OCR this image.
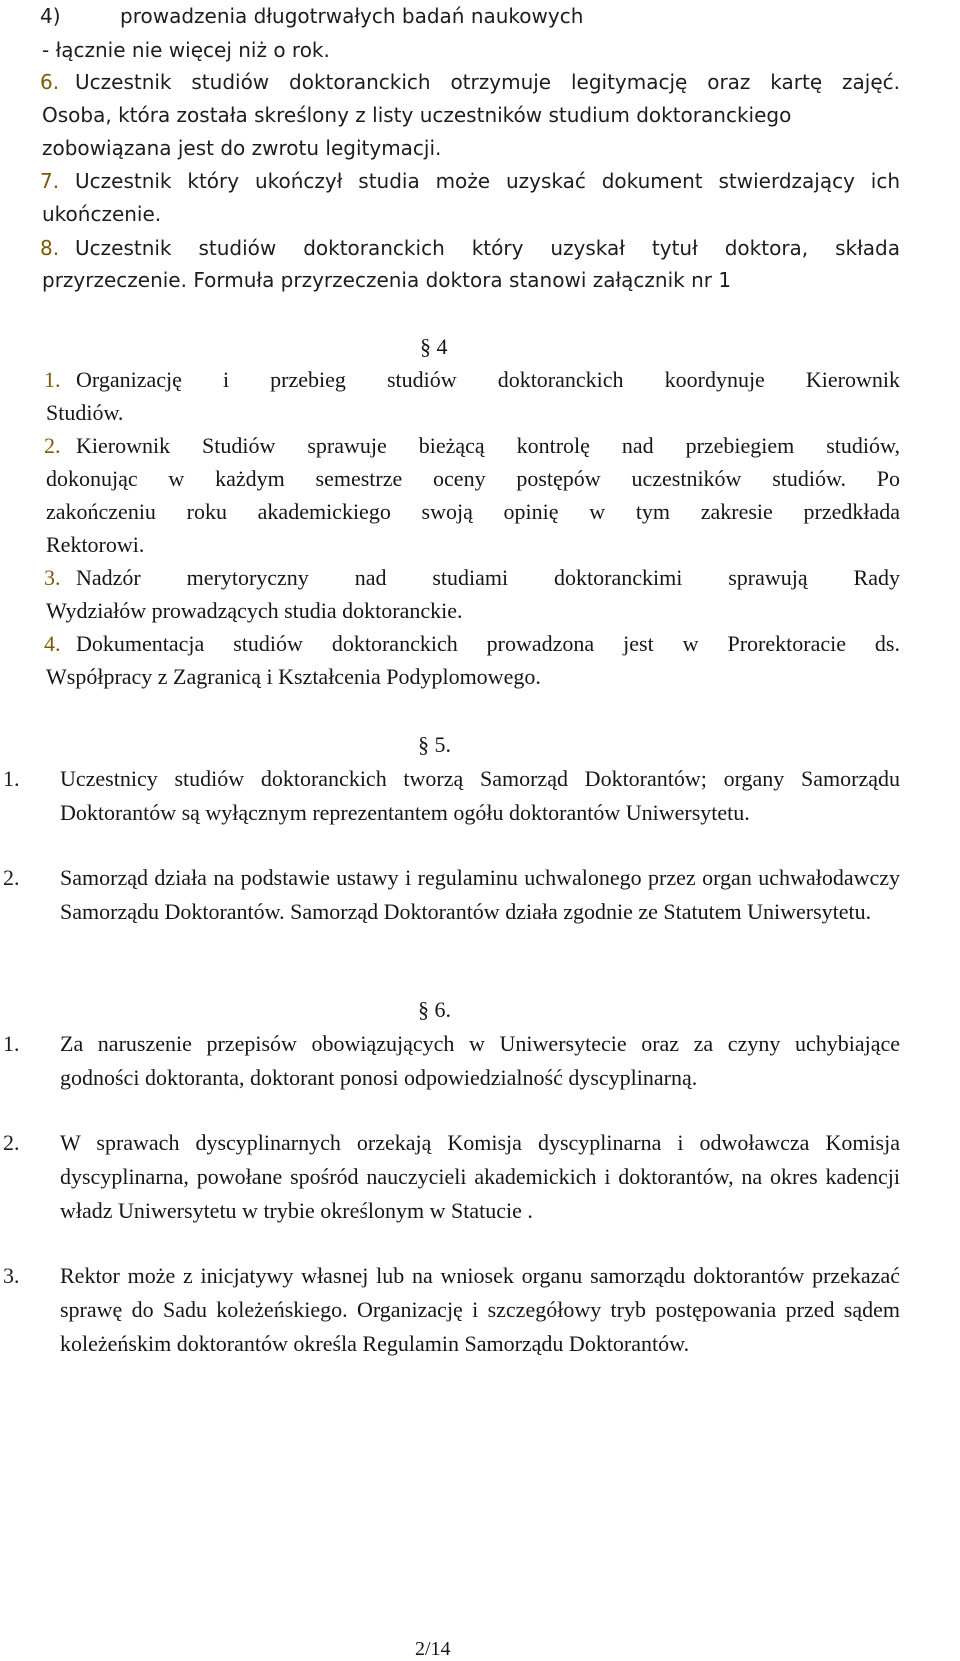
4)	prowadzenia długotrwałych badań naukowych
- łącznie nie więcej niż o rok.
6. Uczestnik studiów doktoranckich otrzymuje legitymację oraz kartę zajęć.
Osoba, która została skreślony z listy uczestników studium doktoranckiego
zobowiązana jest do zwrotu legitymacji.
7. Uczestnik który ukończył studia może uzyskać dokument stwierdzający ich
ukończenie.
8. Uczestnik studiów doktoranckich który uzyskał tytuł doktora, składa
przyrzeczenie. Formuła przyrzeczenia doktora stanowi załącznik nr 1
§ 4
1. Organizację i przebieg studiów doktoranckich koordynuje Kierownik
Studiów.
2. Kierownik Studiów sprawuje bieżącą kontrolę nad przebiegiem studiów,
dokonując w każdym semestrze oceny postępów uczestników studiów. Po
zakończeniu roku akademickiego swoją opinię w tym zakresie przedkłada
Rektorowi.
3. Nadzór merytoryczny nad studiami doktoranckimi sprawują Rady
Wydziałów prowadzących studia doktoranckie.
4. Dokumentacja studiów doktoranckich prowadzona jest w Prorektoracie ds.
Współpracy z Zagranicą i Kształcenia Podyplomowego.
§ 5.
1. Uczestnicy studiów doktoranckich tworzą Samorząd Doktorantów; organy Samorządu Doktorantów są wyłącznym reprezentantem ogółu doktorantów Uniwersytetu.
2. Samorząd działa na podstawie ustawy i regulaminu uchwalonego przez organ uchwałodawczy Samorządu Doktorantów. Samorząd Doktorantów działa zgodnie ze Statutem Uniwersytetu.
§ 6.
1. Za naruszenie przepisów obowiązujących w Uniwersytecie oraz za czyny uchybiające godności doktoranta, doktorant ponosi odpowiedzialność dyscyplinarną.
2. W sprawach dyscyplinarnych orzekają Komisja dyscyplinarna i odwoławcza Komisja dyscyplinarna, powołane spośród nauczycieli akademickich i doktorantów, na okres kadencji władz Uniwersytetu w trybie określonym w Statucie .
3. Rektor może z inicjatywy własnej lub na wniosek organu samorządu doktorantów przekazać sprawę do Sadu koleżeńskiego. Organizację i szczegółowy tryb postępowania przed sądem koleżeńskim doktorantów określa Regulamin Samorządu Doktorantów.
2/14
